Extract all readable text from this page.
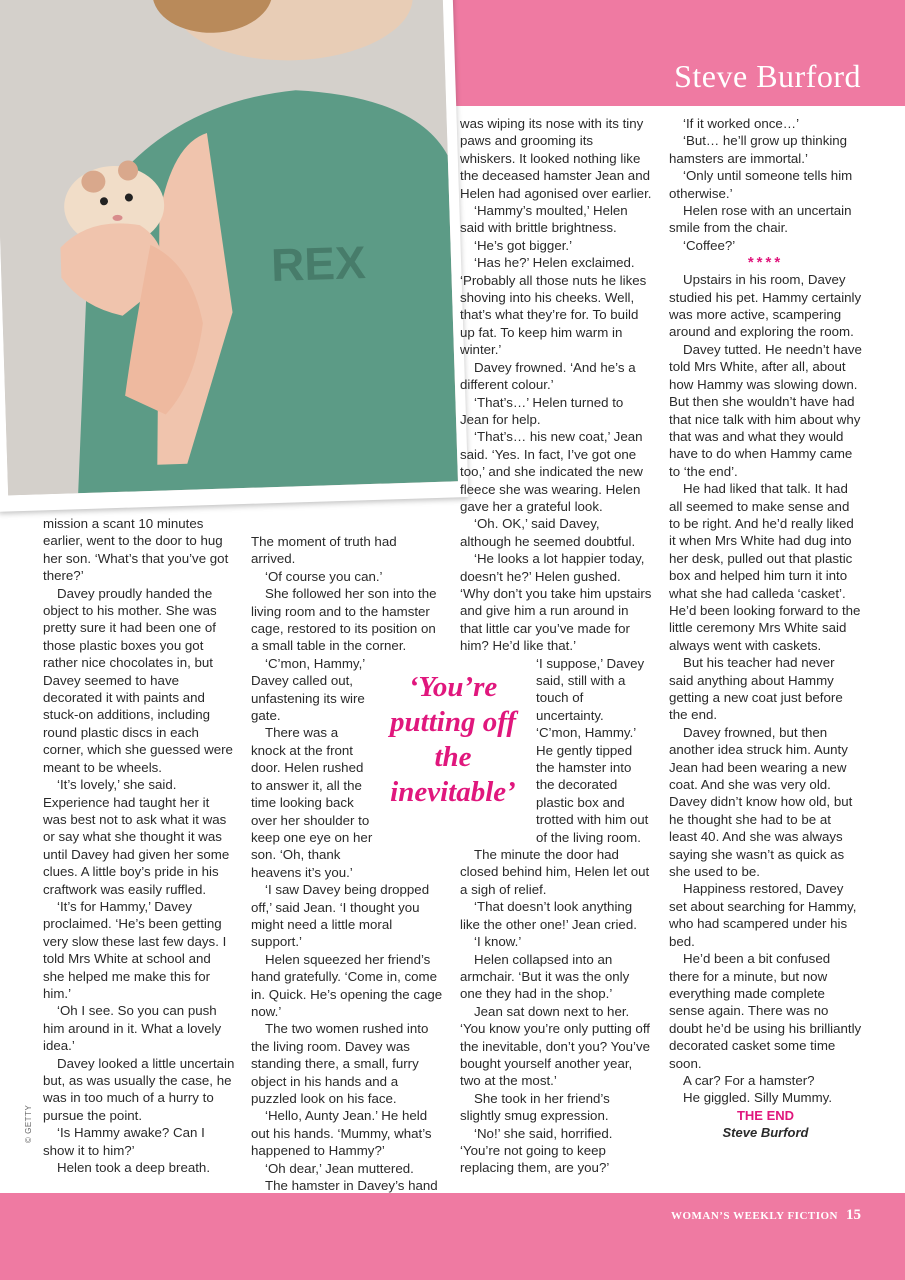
Steve Burford
REX

mission a scant 10 minutes earlier, went to the door to hug her son. ‘What’s that you’ve got there?’

Davey proudly handed the object to his mother. She was pretty sure it had been one of those plastic boxes you got rather nice chocolates in, but Davey seemed to have decorated it with paints and stuck-on additions, including round plastic discs in each corner, which she guessed were meant to be wheels.

‘It’s lovely,’ she said. Experience had taught her it was best not to ask what it was or say what she thought it was until Davey had given her some clues. A little boy’s pride in his craftwork was easily ruffled.

‘It’s for Hammy,’ Davey proclaimed. ‘He’s been getting very slow these last few days. I told Mrs White at school and she helped me make this for him.’

‘Oh I see. So you can push him around in it. What a lovely idea.’

Davey looked a little uncertain but, as was usually the case, he was in too much of a hurry to pursue the point.

‘Is Hammy awake? Can I show it to him?’

Helen took a deep breath.

The moment of truth had arrived.

‘Of course you can.’

She followed her son into the living room and to the hamster cage, restored to its position on a small table in the corner.

‘C’mon, Hammy,’ Davey called out, unfastening its wire gate.

There was a knock at the front door. Helen rushed to answer it, all the time looking back over her shoulder to keep one eye on her son. ‘Oh, thank heavens it’s you.’

‘I saw Davey being dropped off,’ said Jean. ‘I thought you might need a little moral support.’

Helen squeezed her friend’s hand gratefully. ‘Come in, come in. Quick. He’s opening the cage now.’

The two women rushed into the living room. Davey was standing there, a small, furry object in his hands and a puzzled look on his face.

‘Hello, Aunty Jean.’ He held out his hands. ‘Mummy, what’s happened to Hammy?’

‘Oh dear,’ Jean muttered.

The hamster in Davey’s hand

was wiping its nose with its tiny paws and grooming its whiskers. It looked nothing like the deceased hamster Jean and Helen had agonised over earlier.

‘Hammy’s moulted,’ Helen said with brittle brightness.

‘He’s got bigger.’

‘Has he?’ Helen exclaimed. ‘Probably all those nuts he likes shoving into his cheeks. Well, that’s what they’re for. To build up fat. To keep him warm in winter.’

Davey frowned. ‘And he’s a different colour.’

‘That’s…’ Helen turned to Jean for help.

‘That’s… his new coat,’ Jean said. ‘Yes. In fact, I’ve got one too,’ and she indicated the new fleece she was wearing. Helen gave her a grateful look.

‘Oh. OK,’ said Davey, although he seemed doubtful.

‘He looks a lot happier today, doesn’t he?’ Helen gushed. ‘Why don’t you take him upstairs and give him a run around in that little car you’ve made for him? He’d like that.’

‘I suppose,’ Davey said, still with a touch of uncertainty. ‘C’mon, Hammy.’ He gently tipped the hamster into the decorated plastic box and trotted with him out of the living room.

The minute the door had closed behind him, Helen let out a sigh of relief.

‘That doesn’t look anything like the other one!’ Jean cried.

‘I know.’

Helen collapsed into an armchair. ‘But it was the only one they had in the shop.’

Jean sat down next to her. ‘You know you’re only putting off the inevitable, don’t you? You’ve bought yourself another year, two at the most.’

She took in her friend’s slightly smug expression.

‘No!’ she said, horrified. ‘You’re not going to keep replacing them, are you?’

‘If it worked once…’

‘But… he’ll grow up thinking hamsters are immortal.’

‘Only until someone tells him otherwise.’

Helen rose with an uncertain smile from the chair.

‘Coffee?’

****

Upstairs in his room, Davey studied his pet. Hammy certainly was more active, scampering around and exploring the room.

Davey tutted. He needn’t have told Mrs White, after all, about how Hammy was slowing down. But then she wouldn’t have had that nice talk with him about why that was and what they would have to do when Hammy came to ‘the end’.

He had liked that talk. It had all seemed to make sense and to be right. And he’d really liked it when Mrs White had dug into her desk, pulled out that plastic box and helped him turn it into what she had calleda ‘casket’. He’d been looking forward to the little ceremony Mrs White said always went with caskets.

But his teacher had never said anything about Hammy getting a new coat just before the end.

Davey frowned, but then another idea struck him. Aunty Jean had been wearing a new coat. And she was very old. Davey didn’t know how old, but he thought she had to be at least 40. And she was always saying she wasn’t as quick as she used to be.

Happiness restored, Davey set about searching for Hammy, who had scampered under his bed.

He’d been a bit confused there for a minute, but now everything made complete sense again. There was no doubt he’d be using his brilliantly decorated casket some time soon.

A car? For a hamster?

He giggled. Silly Mummy.

THE END
Steve Burford
‘You’re putting off the inevitable’
© GETTY
WOMAN’S WEEKLY FICTION 15
